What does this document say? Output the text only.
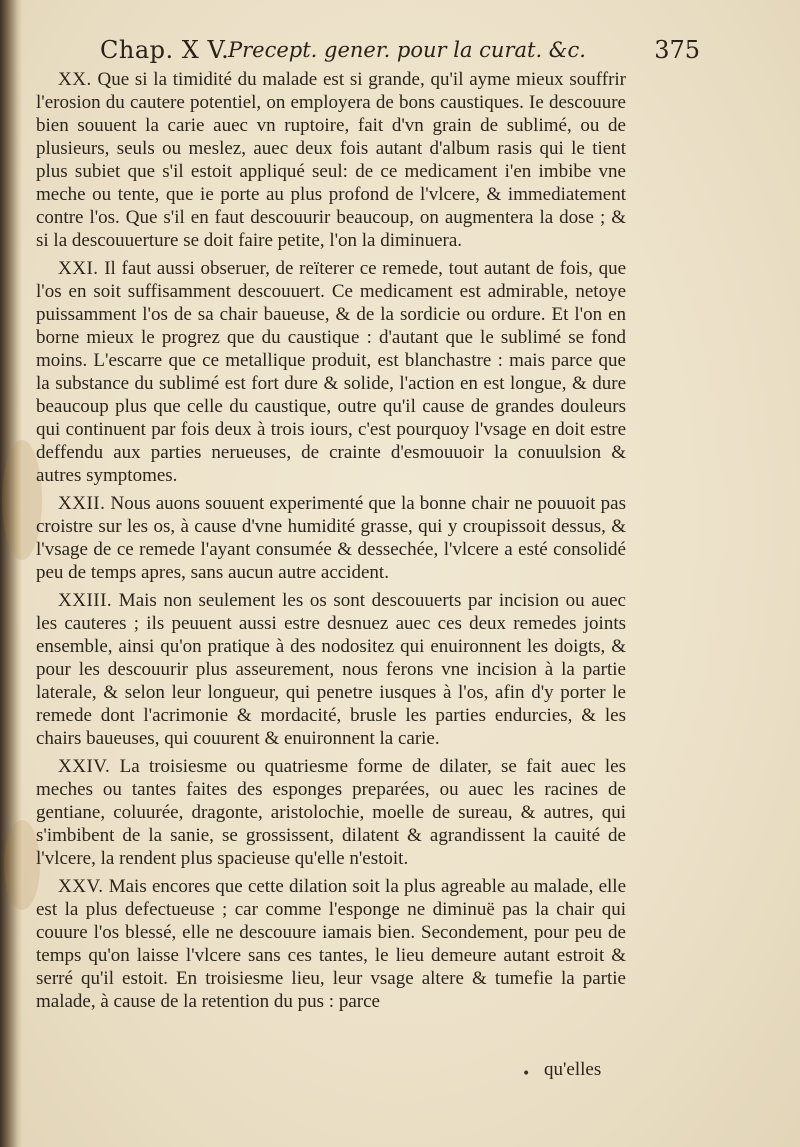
Chap. X V.
Precept. gener. pour la curat. &c.	375

XX. Que si la timidité du malade est si grande, qu'il ayme mieux souffrir l'erosion du cautere potentiel, on employera de bons caustiques. Ie descouure bien souuent la carie auec vn ruptoire, fait d'vn grain de sublimé, ou de plusieurs, seuls ou meslez, auec deux fois autant d'album rasis qui le tient plus subiet que s'il estoit appliqué seul: de ce medicament i'en imbibe vne meche ou tente, que ie porte au plus profond de l'vlcere, & immediatement contre l'os. Que s'il en faut descouurir beaucoup, on augmentera la dose ; & si la descouuerture se doit faire petite, l'on la diminuera.

XXI. Il faut aussi obseruer, de reïterer ce remede, tout autant de fois, que l'os en soit suffisamment descouuert. Ce medicament est admirable, netoye puissamment l'os de sa chair baueuse, & de la sordicie ou ordure. Et l'on en borne mieux le progrez que du caustique : d'autant que le sublimé se fond moins. L'escarre que ce metallique produit, est blanchastre : mais parce que la substance du sublimé est fort dure & solide, l'action en est longue, & dure beaucoup plus que celle du caustique, outre qu'il cause de grandes douleurs qui continuent par fois deux à trois iours, c'est pourquoy l'vsage en doit estre deffendu aux parties nerueuses, de crainte d'esmouuoir la conuulsion & autres symptomes.

XXII. Nous auons souuent experimenté que la bonne chair ne pouuoit pas croistre sur les os, à cause d'vne humidité grasse, qui y croupissoit dessus, & l'vsage de ce remede l'ayant consumée & dessechée, l'vlcere a esté consolidé peu de temps apres, sans aucun autre accident.

XXIII. Mais non seulement les os sont descouuerts par incision ou auec les cauteres ; ils peuuent aussi estre desnuez auec ces deux remedes joints ensemble, ainsi qu'on pratique à des nodositez qui enuironnent les doigts, & pour les descouurir plus asseurement, nous ferons vne incision à la partie laterale, & selon leur longueur, qui penetre iusques à l'os, afin d'y porter le remede dont l'acrimonie & mordacité, brusle les parties endurcies, & les chairs baueuses, qui couurent & enuironnent la carie.

XXIV. La troisiesme ou quatriesme forme de dilater, se fait auec les meches ou tantes faites des esponges preparées, ou auec les racines de gentiane, coluurée, dragonte, aristolochie, moelle de sureau, & autres, qui s'imbibent de la sanie, se grossissent, dilatent & agrandissent la cauité de l'vlcere, la rendent plus spacieuse qu'elle n'estoit.

XXV. Mais encores que cette dilation soit la plus agreable au malade, elle est la plus defectueuse ; car comme l'esponge ne diminuë pas la chair qui couure l'os blessé, elle ne descouure iamais bien. Secondement, pour peu de temps qu'on laisse l'vlcere sans ces tantes, le lieu demeure autant estroit & serré qu'il estoit. En troisiesme lieu, leur vsage altere & tumefie la partie malade, à cause de la retention du pus : parce

• qu'elles
